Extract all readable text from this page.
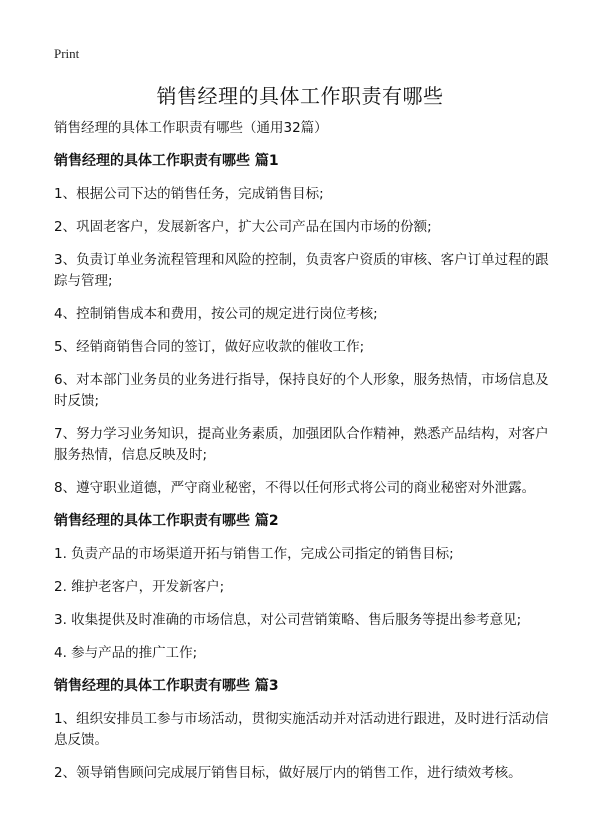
Print
销售经理的具体工作职责有哪些

销售经理的具体工作职责有哪些（通用32篇）

销售经理的具体工作职责有哪些 篇1

1、根据公司下达的销售任务，完成销售目标;

2、巩固老客户，发展新客户，扩大公司产品在国内市场的份额;

3、负责订单业务流程管理和风险的控制，负责客户资质的审核、客户订单过程的跟踪与管理;

4、控制销售成本和费用，按公司的规定进行岗位考核;

5、经销商销售合同的签订，做好应收款的催收工作;

6、对本部门业务员的业务进行指导，保持良好的个人形象，服务热情，市场信息及时反馈;

7、努力学习业务知识，提高业务素质，加强团队合作精神，熟悉产品结构，对客户服务热情，信息反映及时;

8、遵守职业道德，严守商业秘密，不得以任何形式将公司的商业秘密对外泄露。

销售经理的具体工作职责有哪些 篇2

1. 负责产品的市场渠道开拓与销售工作，完成公司指定的销售目标;

2. 维护老客户，开发新客户;

3. 收集提供及时准确的市场信息，对公司营销策略、售后服务等提出参考意见;

4. 参与产品的推广工作;

销售经理的具体工作职责有哪些 篇3

1、组织安排员工参与市场活动，贯彻实施活动并对活动进行跟进，及时进行活动信息反馈。

2、领导销售顾问完成展厅销售目标，做好展厅内的销售工作，进行绩效考核。
